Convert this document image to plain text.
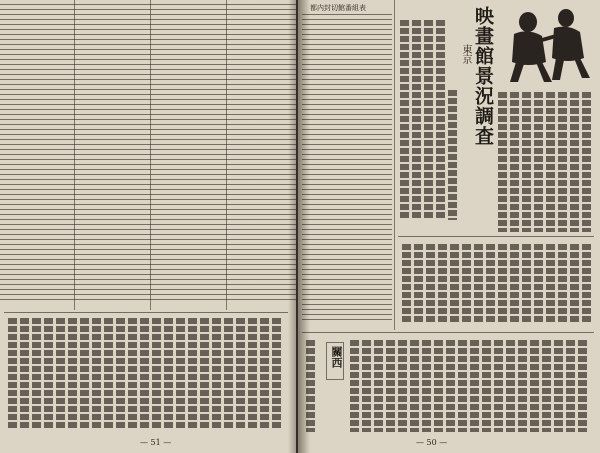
— 51 —
都内封切館番組表	映畫館景況調査
東京
關西
— 50 —
